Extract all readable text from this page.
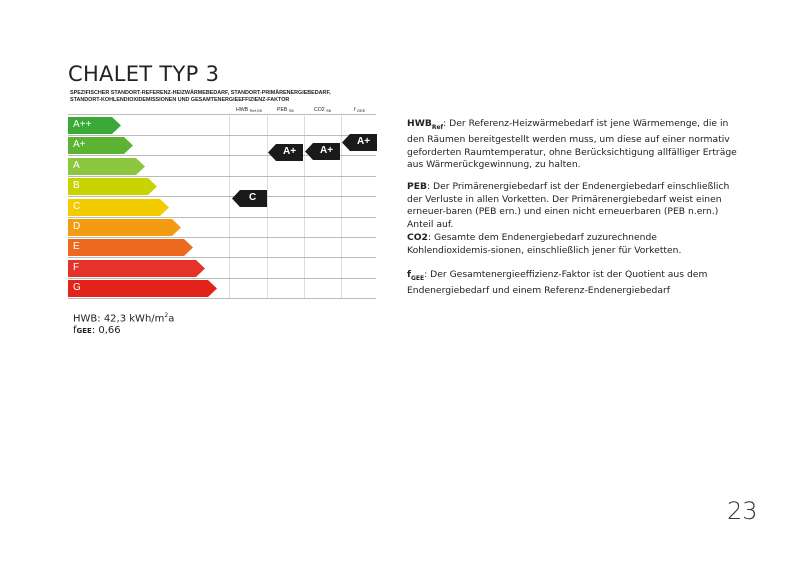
CHALET TYP 3
SPEZIFISCHER STANDORT-REFERENZ-HEIZWÄRMEBEDARF, STANDORT-PRIMÄRENERGIEBEDARF,
STANDORT-KOHLENDIOXIDEMISSIONEN UND GESAMTENERGIEEFFIZIENZ-FAKTOR
HWB $_{Ref,SK}$	PEB $_{SK}$	CO2 $_{SK}$	f $_{GEE}$
A++
A+
A
B
C
D
E
F
G
C
A+ A+
A+
HWB: 42,3 kWh/$m^2a$
fGEE: 0,66
$HWB_{Ref}$: Der Referenz-Heizwärmebedarf ist jene Wärmemenge, die in den Räumen bereitgestellt werden muss, um diese auf einer normativ geforderten Raumtemperatur, ohne Berücksichtigung allfälliger Erträge aus Wärmerückgewinnung, zu halten.
PEB: Der Primärenergiebedarf ist der Endenergiebedarf einschließlich der Verluste in allen Vorketten. Der Primärenergiebedarf weist einen erneuer-baren (PEB ern.) und einen nicht erneuerbaren (PEB n.ern.) Anteil auf.
CO2: Gesamte dem Endenergiebedarf zuzurechnende Kohlendioxidemis-sionen, einschließlich jener für Vorketten.
$f_{GEE}$: Der Gesamtenergieeffizienz-Faktor ist der Quotient aus dem Endenergiebedarf und einem Referenz-Endenergiebedarf
23
